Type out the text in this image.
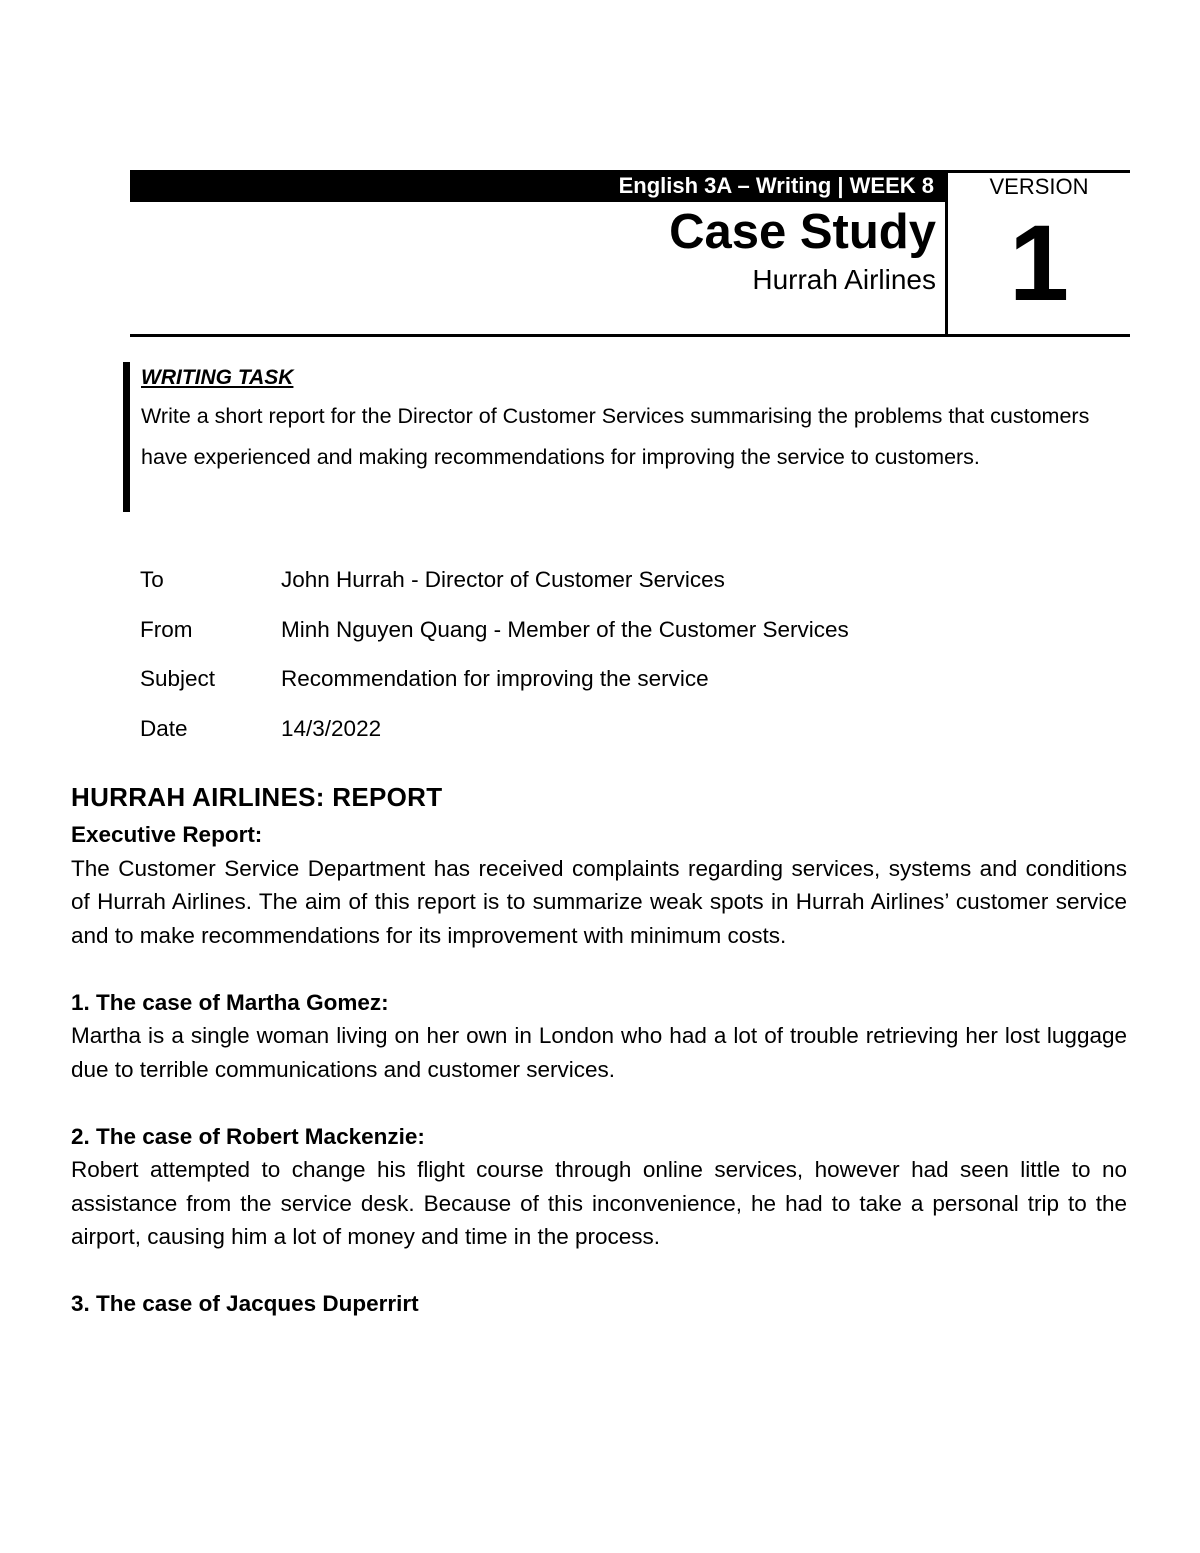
English 3A – Writing | WEEK 8
Case Study
Hurrah Airlines
VERSION
1
WRITING TASK
Write a short report for the Director of Customer Services summarising the problems that customers have experienced and making recommendations for improving the service to customers.
To	John Hurrah - Director of Customer Services
From	Minh Nguyen Quang - Member of the Customer Services
Subject	Recommendation for improving the service
Date	14/3/2022
HURRAH AIRLINES: REPORT
Executive Report:

The Customer Service Department has received complaints regarding services, systems and conditions of Hurrah Airlines. The aim of this report is to summarize weak spots in Hurrah Airlines’ customer service and to make recommendations for its improvement with minimum costs.

1. The case of Martha Gomez:

Martha is a single woman living on her own in London who had a lot of trouble retrieving her lost luggage due to terrible communications and customer services.

2. The case of Robert Mackenzie:

Robert attempted to change his flight course through online services, however had seen little to no assistance from the service desk. Because of this inconvenience, he had to take a personal trip to the airport, causing him a lot of money and time in the process.

3. The case of Jacques Duperrirt
